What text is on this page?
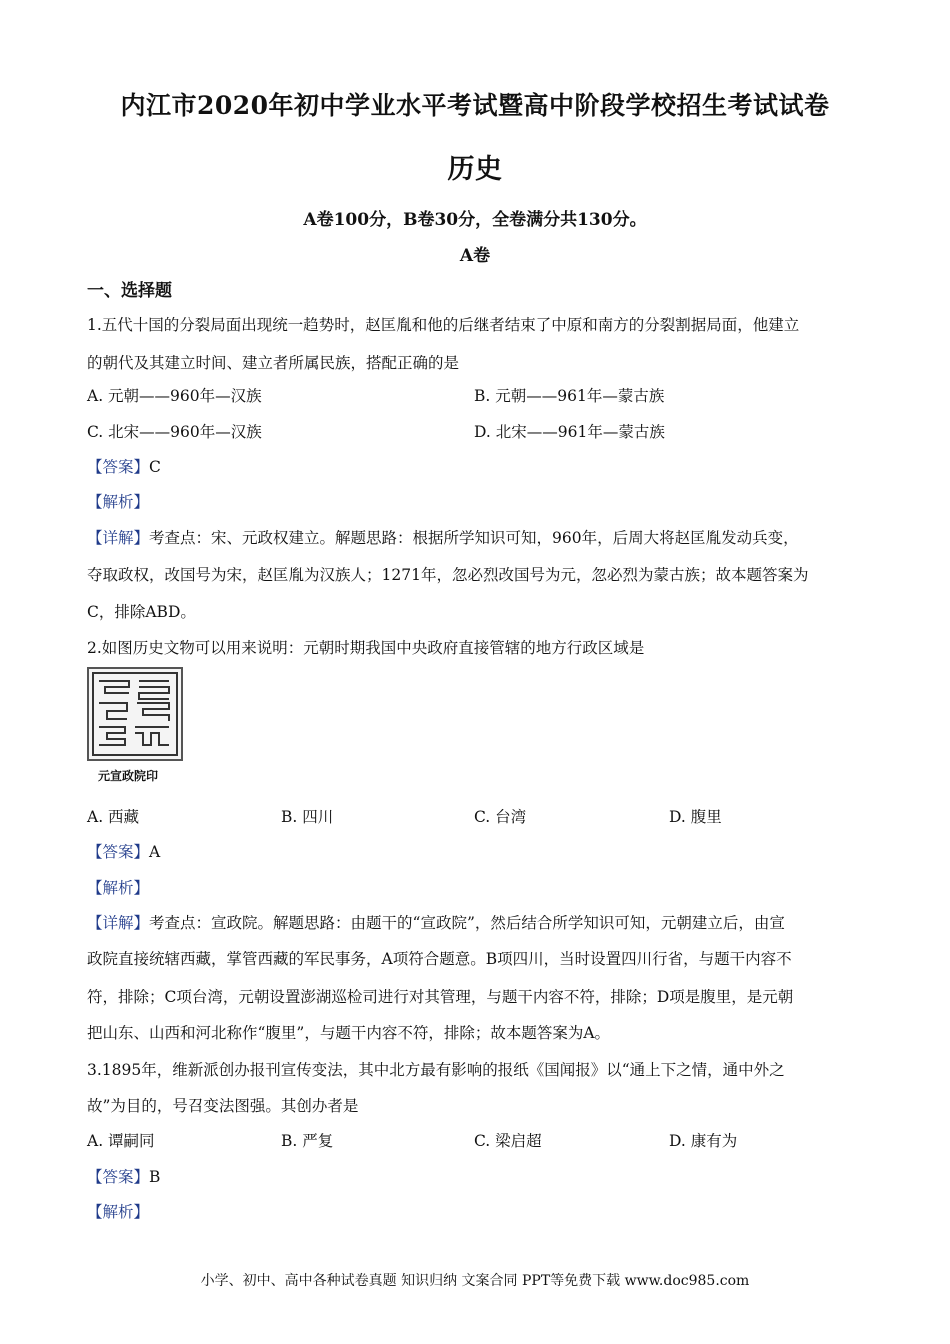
内江市2020年初中学业水平考试暨高中阶段学校招生考试试卷
历史
A卷100分，B卷30分，全卷满分共130分。
A卷
一、选择题
1.五代十国的分裂局面出现统一趋势时，赵匡胤和他的后继者结束了中原和南方的分裂割据局面，他建立
的朝代及其建立时间、建立者所属民族，搭配正确的是
A. 元朝——960年—汉族	B. 元朝——961年—蒙古族
C. 北宋——960年—汉族	D. 北宋——961年—蒙古族
【答案】C
【解析】
【详解】考查点：宋、元政权建立。解题思路：根据所学知识可知，960年，后周大将赵匡胤发动兵变，
夺取政权，改国号为宋，赵匡胤为汉族人；1271年，忽必烈改国号为元，忽必烈为蒙古族；故本题答案为
C，排除ABD。
2.如图历史文物可以用来说明：元朝时期我国中央政府直接管辖的地方行政区域是
元宣政院印
A. 西藏	B. 四川	C. 台湾	D. 腹里
【答案】A
【解析】
【详解】考查点：宣政院。解题思路：由题干的“宣政院”，然后结合所学知识可知，元朝建立后，由宣
政院直接统辖西藏，掌管西藏的军民事务，A项符合题意。B项四川，当时设置四川行省，与题干内容不
符，排除；C项台湾，元朝设置澎湖巡检司进行对其管理，与题干内容不符，排除；D项是腹里，是元朝
把山东、山西和河北称作“腹里”，与题干内容不符，排除；故本题答案为A。
3.1895年，维新派创办报刊宣传变法，其中北方最有影响的报纸《国闻报》以“通上下之情，通中外之
故”为目的，号召变法图强。其创办者是
A. 谭嗣同	B. 严复	C. 梁启超	D. 康有为
【答案】B
【解析】
小学、初中、高中各种试卷真题 知识归纳 文案合同 PPT等免费下载 www.doc985.com
